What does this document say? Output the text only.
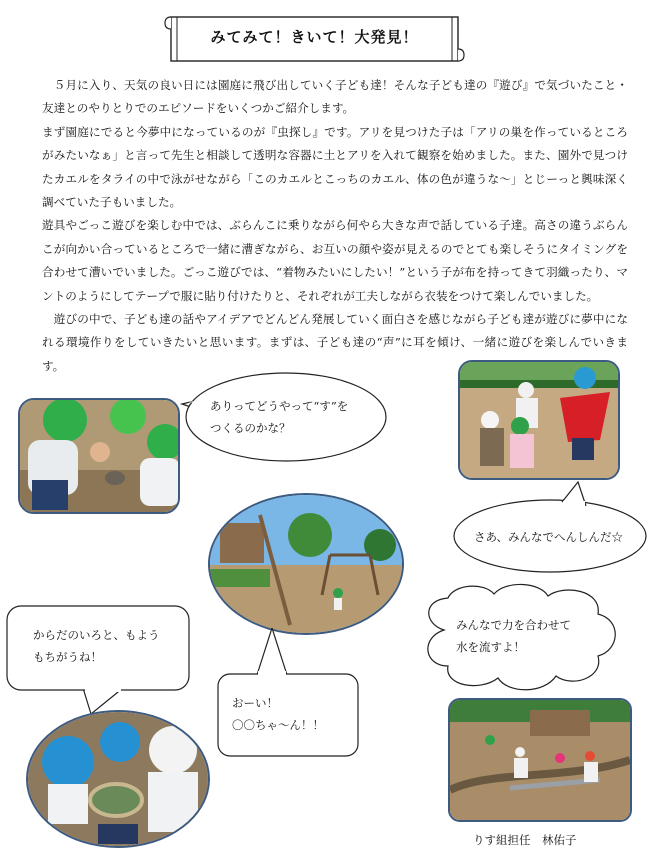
みてみて！きいて！大発見！

　５月に入り、天気の良い日には園庭に飛び出していく子ども達！そんな子ども達の『遊び』で気づいたこと・友達とのやりとりでのエピソードをいくつかご紹介します。

まず園庭にでると今夢中になっているのが『虫探し』です。アリを見つけた子は「アリの巣を作っているところがみたいなぁ」と言って先生と相談して透明な容器に土とアリを入れて観察を始めました。また、園外で見つけたカエルをタライの中で泳がせながら「このカエルとこっちのカエル、体の色が違うな～」とじーっと興味深く調べていた子もいました。

遊具やごっこ遊びを楽しむ中では、ぶらんこに乗りながら何やら大きな声で話している子達。高さの違うぶらんこが向かい合っているところで一緒に漕ぎながら、お互いの顔や姿が見えるのでとても楽しそうにタイミングを合わせて漕いでいました。ごっこ遊びでは、“着物みたいにしたい！”という子が布を持ってきて羽織ったり、マントのようにしてテープで服に貼り付けたりと、それぞれが工夫しながら衣装をつけて楽しんでいました。

　遊びの中で、子ども達の話やアイデアでどんどん発展していく面白さを感じながら子ども達が遊びに夢中になれる環境作りをしていきたいと思います。まずは、子ども達の“声”に耳を傾け、一緒に遊びを楽しんでいきます。

ありってどうやって“す”を
つくるのかな？
さあ、みんなでへんしんだ☆
からだのいろと、もよう
もちがうね！
おーい！
〇〇ちゃ～ん！！
みんなで力を合わせて
水を流すよ！
りす組担任　林佑子
